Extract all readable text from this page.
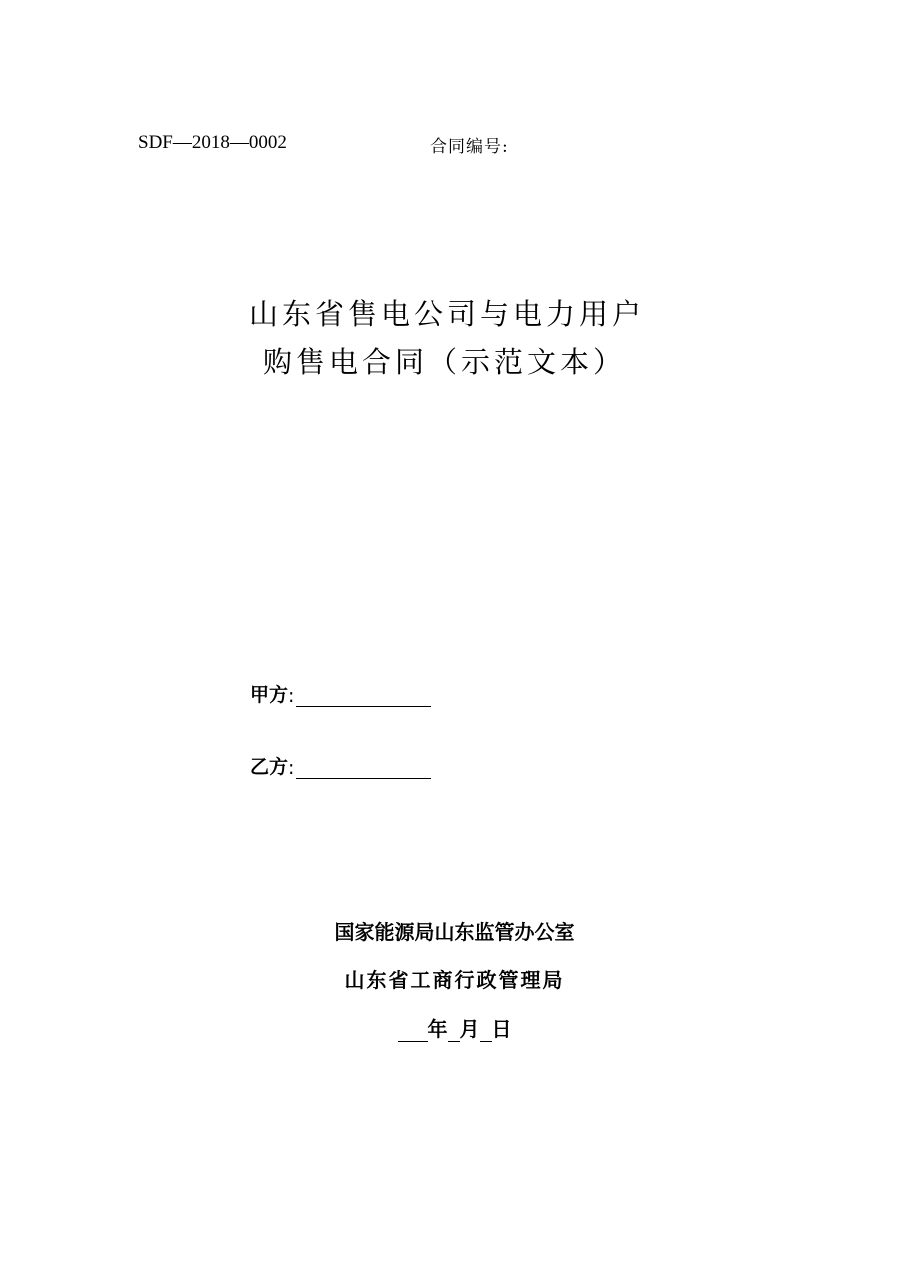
SDF—2018—0002	合同编号:
山东省售电公司与电力用户
购售电合同（示范文本）
甲方 :
乙方 :
国家能源局山东监管办公室
山东省工商行政管理局
年 月 日
